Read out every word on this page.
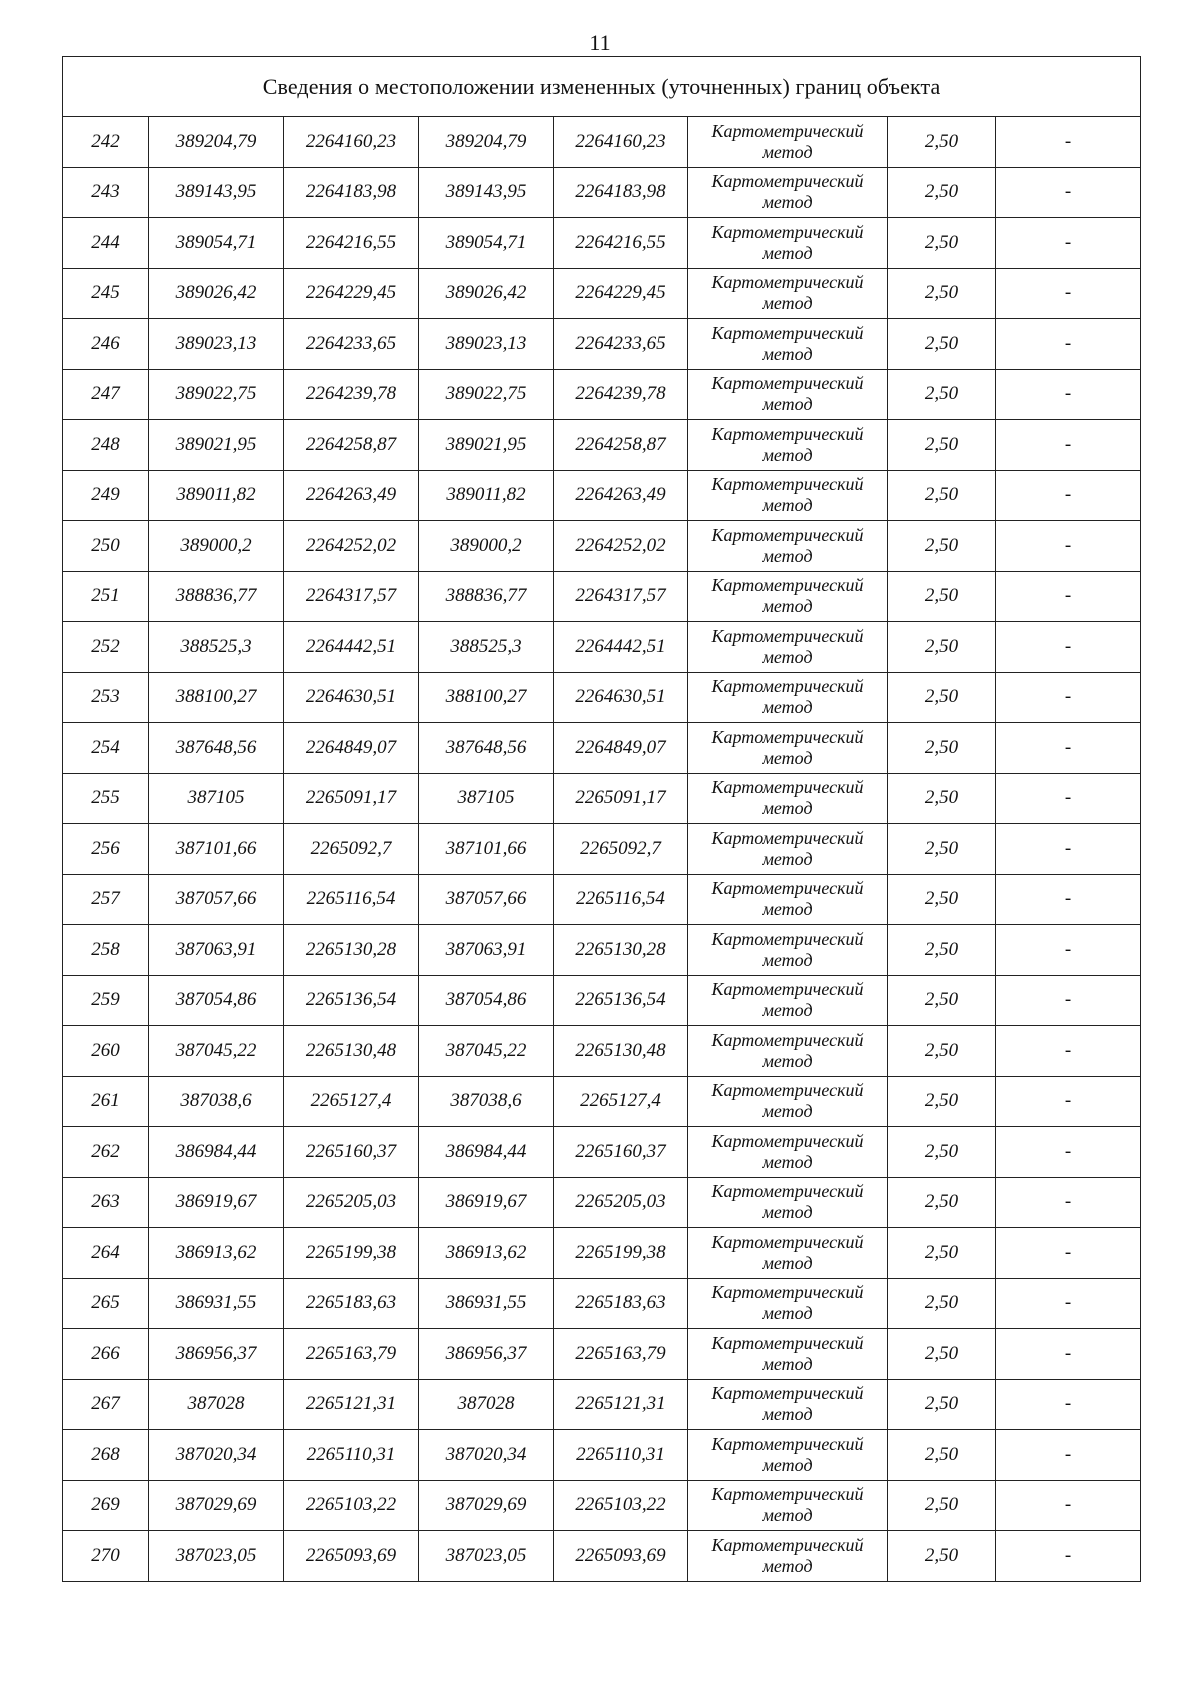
11
Сведения о местоположении измененных (уточненных) границ объекта							
242	389204,79	2264160,23	389204,79	2264160,23	Картометрический
метод	2,50	-
243	389143,95	2264183,98	389143,95	2264183,98	Картометрический
метод	2,50	-
244	389054,71	2264216,55	389054,71	2264216,55	Картометрический
метод	2,50	-
245	389026,42	2264229,45	389026,42	2264229,45	Картометрический
метод	2,50	-
246	389023,13	2264233,65	389023,13	2264233,65	Картометрический
метод	2,50	-
247	389022,75	2264239,78	389022,75	2264239,78	Картометрический
метод	2,50	-
248	389021,95	2264258,87	389021,95	2264258,87	Картометрический
метод	2,50	-
249	389011,82	2264263,49	389011,82	2264263,49	Картометрический
метод	2,50	-
250	389000,2	2264252,02	389000,2	2264252,02	Картометрический
метод	2,50	-
251	388836,77	2264317,57	388836,77	2264317,57	Картометрический
метод	2,50	-
252	388525,3	2264442,51	388525,3	2264442,51	Картометрический
метод	2,50	-
253	388100,27	2264630,51	388100,27	2264630,51	Картометрический
метод	2,50	-
254	387648,56	2264849,07	387648,56	2264849,07	Картометрический
метод	2,50	-
255	387105	2265091,17	387105	2265091,17	Картометрический
метод	2,50	-
256	387101,66	2265092,7	387101,66	2265092,7	Картометрический
метод	2,50	-
257	387057,66	2265116,54	387057,66	2265116,54	Картометрический
метод	2,50	-
258	387063,91	2265130,28	387063,91	2265130,28	Картометрический
метод	2,50	-
259	387054,86	2265136,54	387054,86	2265136,54	Картометрический
метод	2,50	-
260	387045,22	2265130,48	387045,22	2265130,48	Картометрический
метод	2,50	-
261	387038,6	2265127,4	387038,6	2265127,4	Картометрический
метод	2,50	-
262	386984,44	2265160,37	386984,44	2265160,37	Картометрический
метод	2,50	-
263	386919,67	2265205,03	386919,67	2265205,03	Картометрический
метод	2,50	-
264	386913,62	2265199,38	386913,62	2265199,38	Картометрический
метод	2,50	-
265	386931,55	2265183,63	386931,55	2265183,63	Картометрический
метод	2,50	-
266	386956,37	2265163,79	386956,37	2265163,79	Картометрический
метод	2,50	-
267	387028	2265121,31	387028	2265121,31	Картометрический
метод	2,50	-
268	387020,34	2265110,31	387020,34	2265110,31	Картометрический
метод	2,50	-
269	387029,69	2265103,22	387029,69	2265103,22	Картометрический
метод	2,50	-
270	387023,05	2265093,69	387023,05	2265093,69	Картометрический
метод	2,50	-
